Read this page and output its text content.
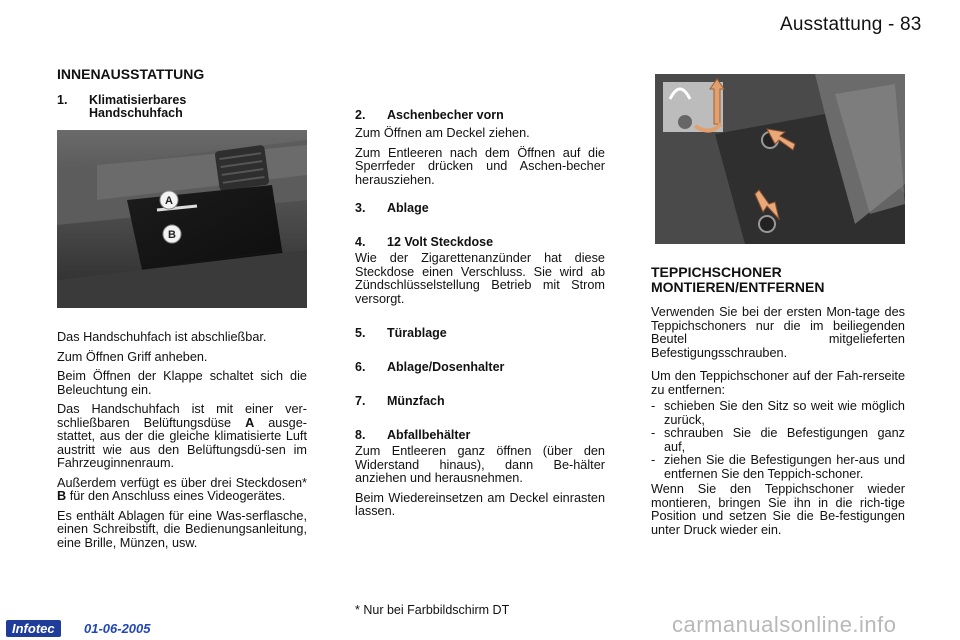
Ausstattung - 83
INNENAUSSTATTUNG
1. Klimatisierbares
Handschuhfach
A
B

Das Handschuhfach ist abschließbar.

Zum Öffnen Griff anheben.

Beim Öffnen der Klappe schaltet sich die Beleuchtung ein.

Das Handschuhfach ist mit einer ver-schließbaren Belüftungsdüse A ausge-stattet, aus der die gleiche klimatisierte Luft austritt wie aus den Belüftungsdü-sen im Fahrzeuginnenraum.

Außerdem verfügt es über drei Steckdosen* B für den Anschluss eines Videogerätes.

Es enthält Ablagen für eine Was-serflasche, einen Schreibstift, die Bedienungsanleitung, eine Brille, Münzen, usw.

2. Aschenbecher vorn

Zum Öffnen am Deckel ziehen.

Zum Entleeren nach dem Öffnen auf die Sperrfeder drücken und Aschen-becher herausziehen.

3. Ablage
4. 12 Volt Steckdose

Wie der Zigarettenanzünder hat diese Steckdose einen Verschluss. Sie wird ab Zündschlüsselstellung Betrieb mit Strom versorgt.

5. Türablage
6. Ablage/Dosenhalter
7. Münzfach
8. Abfallbehälter

Zum Entleeren ganz öffnen (über den Widerstand hinaus), dann Be-hälter anziehen und herausnehmen.

Beim Wiedereinsetzen am Deckel einrasten lassen.

TEPPICHSCHONER
MONTIEREN/ENTFERNEN

Verwenden Sie bei der ersten Mon-tage des Teppichschoners nur die im beiliegenden Beutel mitgelieferten Befestigungsschrauben.

Um den Teppichschoner auf der Fah-rerseite zu entfernen:

- schieben Sie den Sitz so weit wie möglich zurück,
- schrauben Sie die Befestigungen ganz auf,
- ziehen Sie die Befestigungen her-aus und entfernen Sie den Teppich-schoner.

Wenn Sie den Teppichschoner wieder montieren, bringen Sie ihn in die rich-tige Position und setzen Sie die Be-festigungen unter Druck wieder ein.

* Nur bei Farbbildschirm DT
Infotec	01-06-2005	carmanualsonline.info
